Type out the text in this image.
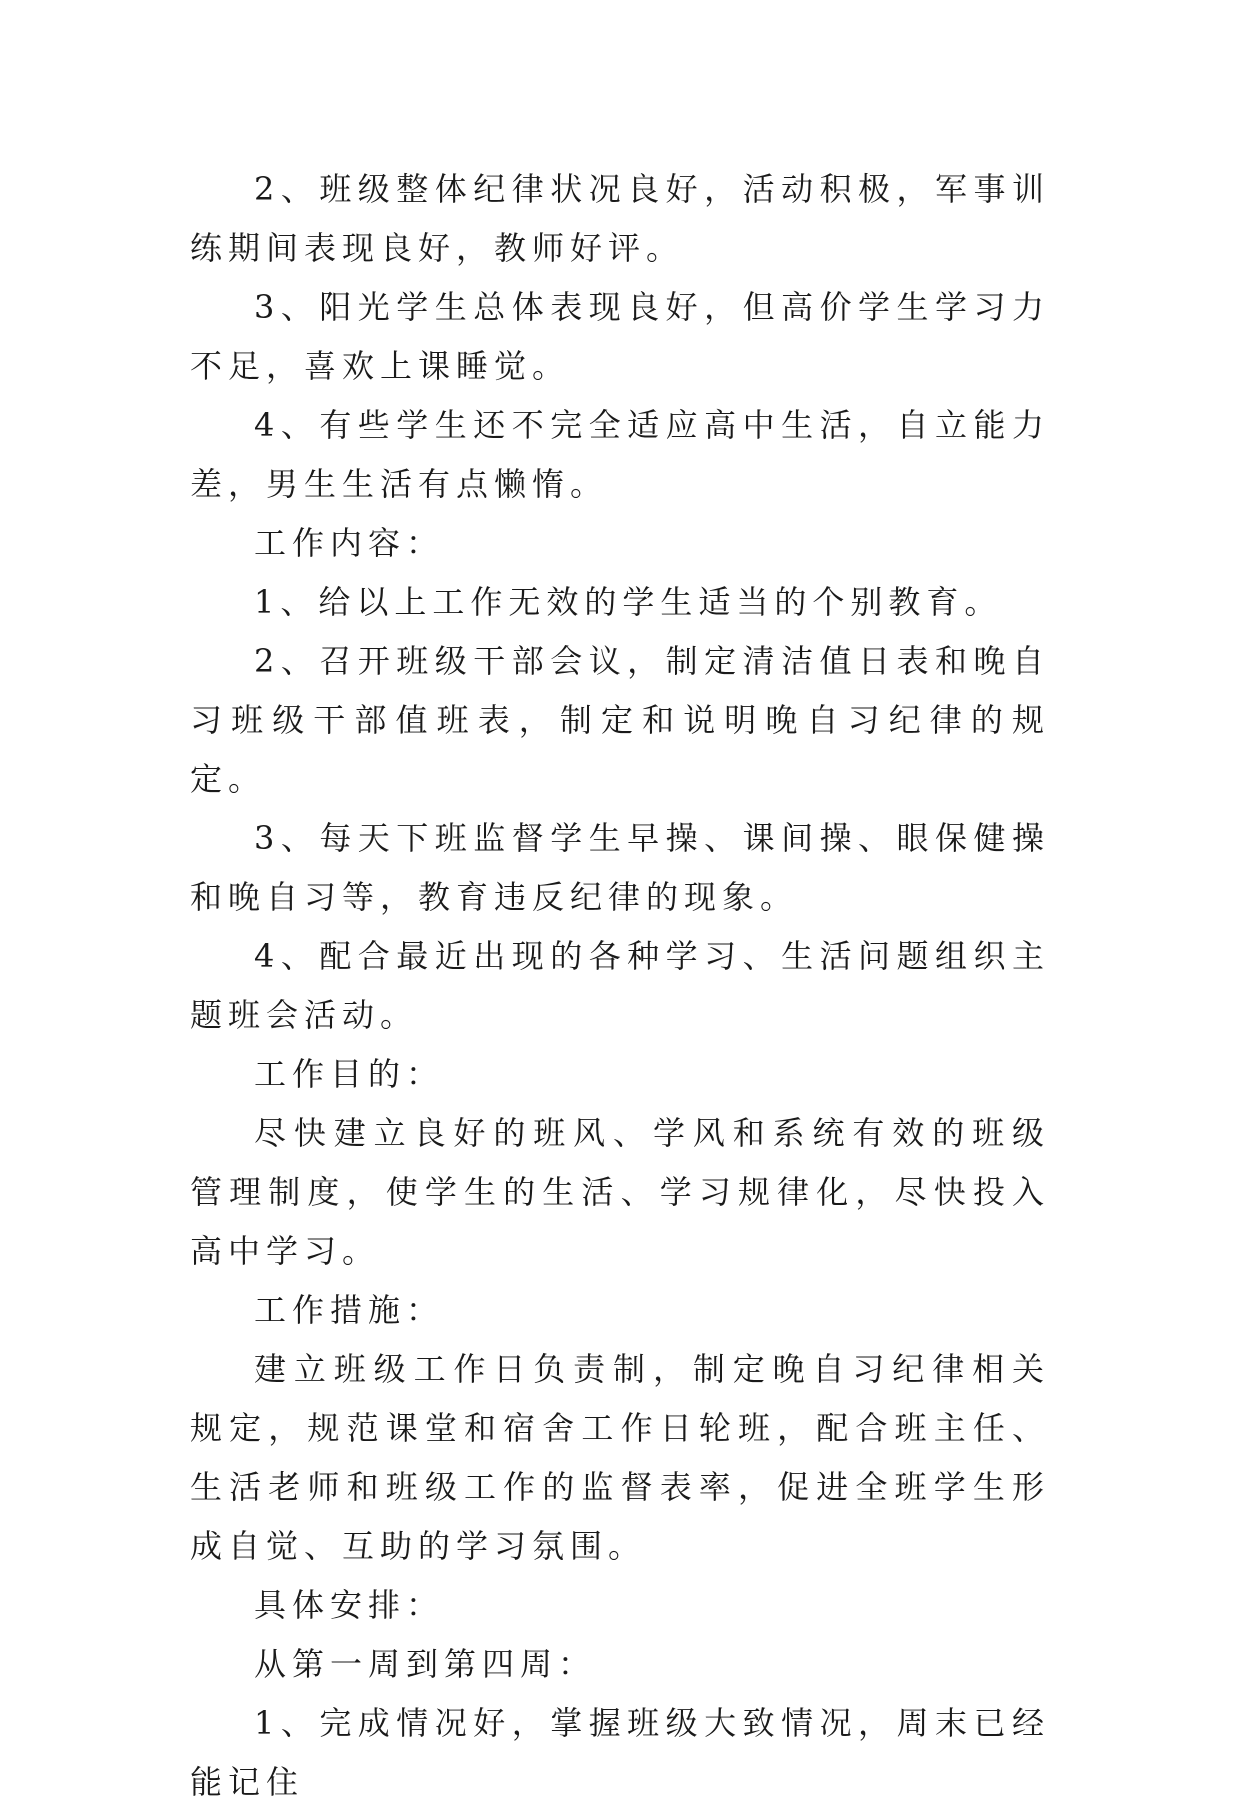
2、班级整体纪律状况良好，活动积极，军事训练期间表现良好，教师好评。

3、阳光学生总体表现良好，但高价学生学习力不足，喜欢上课睡觉。

4、有些学生还不完全适应高中生活，自立能力差，男生生活有点懒惰。

工作内容：

1、给以上工作无效的学生适当的个别教育。

2、召开班级干部会议，制定清洁值日表和晚自习班级干部值班表，制定和说明晚自习纪律的规定。

3、每天下班监督学生早操、课间操、眼保健操和晚自习等，教育违反纪律的现象。

4、配合最近出现的各种学习、生活问题组织主题班会活动。

工作目的：

尽快建立良好的班风、学风和系统有效的班级管理制度，使学生的生活、学习规律化，尽快投入高中学习。

工作措施：

建立班级工作日负责制，制定晚自习纪律相关规定，规范课堂和宿舍工作日轮班，配合班主任、生活老师和班级工作的监督表率，促进全班学生形成自觉、互助的学习氛围。

具体安排：

从第一周到第四周：

1、完成情况好，掌握班级大致情况，周末已经能记住
